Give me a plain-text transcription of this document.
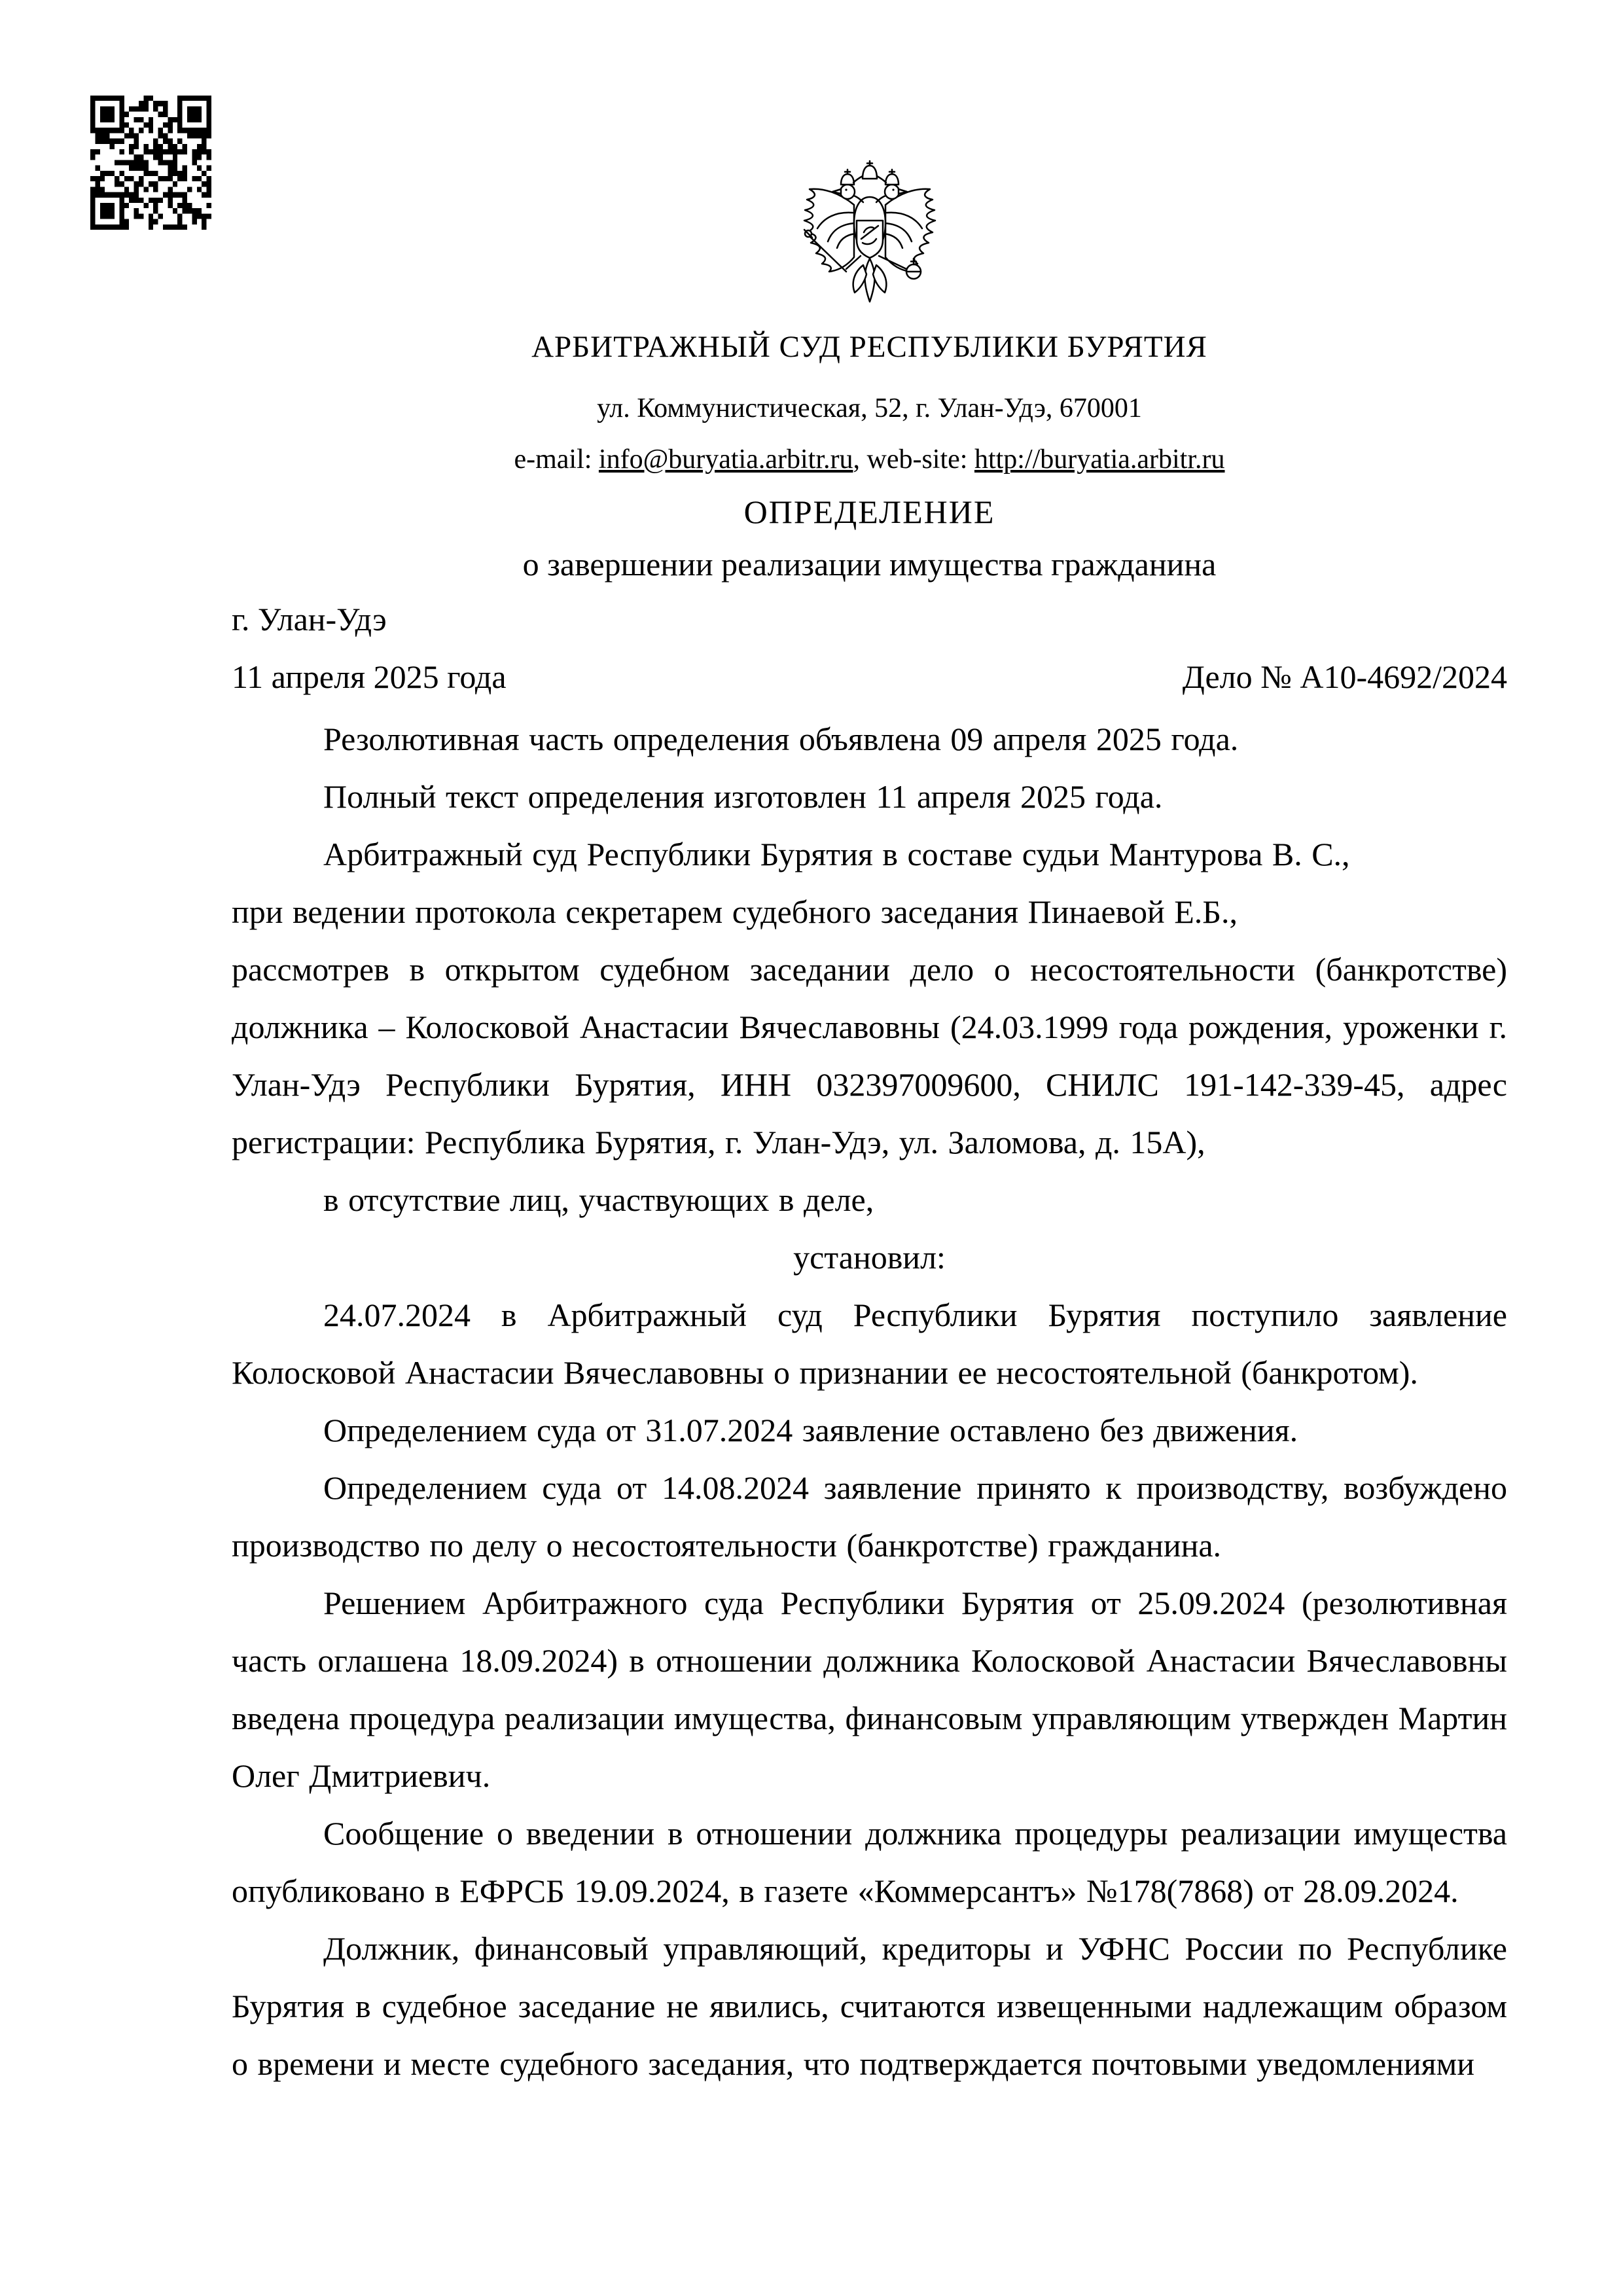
АРБИТРАЖНЫЙ СУД РЕСПУБЛИКИ БУРЯТИЯ
ул. Коммунистическая, 52, г. Улан-Удэ, 670001
e-mail: info@buryatia.arbitr.ru, web-site: http://buryatia.arbitr.ru
ОПРЕДЕЛЕНИЕ
о завершении реализации имущества гражданина
г. Улан-Удэ
11 апреля 2025 года	Дело № А10-4692/2024

Резолютивная часть определения объявлена 09 апреля 2025 года.

Полный текст определения изготовлен 11 апреля 2025 года.

Арбитражный суд Республики Бурятия в составе судьи Мантурова В. С.,

при ведении протокола секретарем судебного заседания Пинаевой Е.Б.,

рассмотрев в открытом судебном заседании дело о несостоятельности (банкротстве) должника – Колосковой Анастасии Вячеславовны (24.03.1999 года рождения, уроженки г. Улан-Удэ Республики Бурятия, ИНН 032397009600, СНИЛС 191-142-339-45, адрес регистрации: Республика Бурятия, г. Улан-Удэ, ул. Заломова, д. 15А),

в отсутствие лиц, участвующих в деле,

установил:

24.07.2024 в Арбитражный суд Республики Бурятия поступило заявление Колосковой Анастасии Вячеславовны о признании ее несостоятельной (банкротом).

Определением суда от 31.07.2024 заявление оставлено без движения.

Определением суда от 14.08.2024 заявление принято к производству, возбуждено производство по делу о несостоятельности (банкротстве) гражданина.

Решением Арбитражного суда Республики Бурятия от 25.09.2024 (резолютивная часть оглашена 18.09.2024) в отношении должника Колосковой Анастасии Вячеславовны введена процедура реализации имущества, финансовым управляющим утвержден Мартин Олег Дмитриевич.

Сообщение о введении в отношении должника процедуры реализации имущества опубликовано в ЕФРСБ 19.09.2024, в газете «Коммерсантъ» №178(7868) от 28.09.2024.

Должник, финансовый управляющий, кредиторы и УФНС России по Республике Бурятия в судебное заседание не явились, считаются извещенными надлежащим образом о времени и месте судебного заседания, что подтверждается почтовыми уведомлениями
